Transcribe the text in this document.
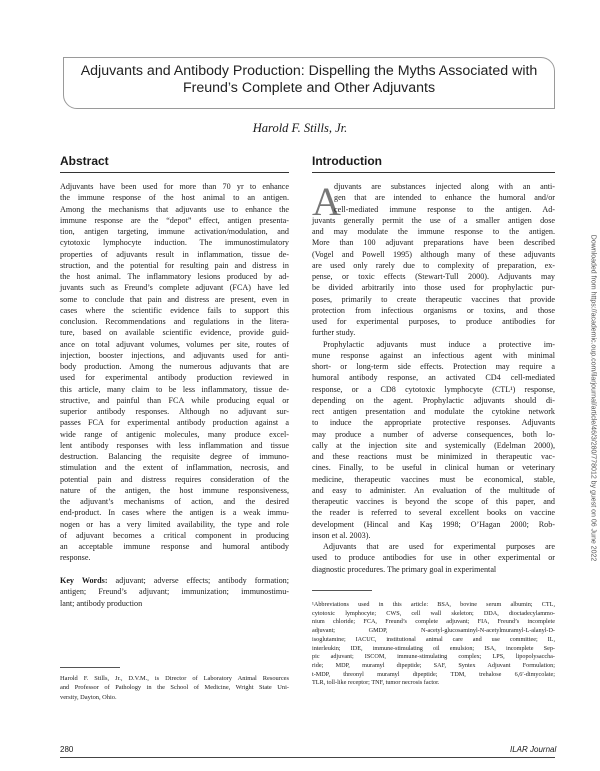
Adjuvants and Antibody Production: Dispelling the Myths Associated with
Freund’s Complete and Other Adjuvants
Harold F. Stills, Jr.
Abstract	Introduction
Adjuvants have been used for more than 70 yr to enhance
the immune response of the host animal to an antigen.
Among the mechanisms that adjuvants use to enhance the
immune response are the “depot” effect, antigen presenta-
tion, antigen targeting, immune activation/modulation, and
cytotoxic lymphocyte induction. The immunostimulatory
properties of adjuvants result in inflammation, tissue de-
struction, and the potential for resulting pain and distress in
the host animal. The inflammatory lesions produced by ad-
juvants such as Freund’s complete adjuvant (FCA) have led
some to conclude that pain and distress are present, even in
cases where the scientific evidence fails to support this
conclusion. Recommendations and regulations in the litera-
ture, based on available scientific evidence, provide guid-
ance on total adjuvant volumes, volumes per site, routes of
injection, booster injections, and adjuvants used for anti-
body production. Among the numerous adjuvants that are
used for experimental antibody production reviewed in
this article, many claim to be less inflammatory, tissue de-
structive, and painful than FCA while producing equal or
superior antibody responses. Although no adjuvant sur-
passes FCA for experimental antibody production against a
wide range of antigenic molecules, many produce excel-
lent antibody responses with less inflammation and tissue
destruction. Balancing the requisite degree of immuno-
stimulation and the extent of inflammation, necrosis, and
potential pain and distress requires consideration of the
nature of the antigen, the host immune responsiveness,
the adjuvant’s mechanisms of action, and the desired
end-product. In cases where the antigen is a weak immu-
nogen or has a very limited availability, the type and role
of adjuvant becomes a critical component in producing
an acceptable immune response and humoral antibody
response.
Key Words: adjuvant; adverse effects; antibody formation;
antigen; Freund’s adjuvant; immunization; immunostimu-
lant; antibody production
Harold F. Stills, Jr., D.V.M., is Director of Laboratory Animal Resources
and Professor of Pathology in the School of Medicine, Wright State Uni-
versity, Dayton, Ohio.
A
djuvants are substances injected along with an anti-
gen that are intended to enhance the humoral and/or
cell-mediated immune response to the antigen. Ad-
juvants generally permit the use of a smaller antigen dose
and may modulate the immune response to the antigen.
More than 100 adjuvant preparations have been described
(Vogel and Powell 1995) although many of these adjuvants
are used only rarely due to complexity of preparation, ex-
pense, or toxic effects (Stewart-Tull 2000). Adjuvants may
be divided arbitrarily into those used for prophylactic pur-
poses, primarily to create therapeutic vaccines that provide
protection from infectious organisms or toxins, and those
used for experimental purposes, to produce antibodies for
further study.
Prophylactic adjuvants must induce a protective im-
mune response against an infectious agent with minimal
short- or long-term side effects. Protection may require a
humoral antibody response, an activated CD4 cell-mediated
response, or a CD8 cytotoxic lymphocyte (CTL¹) response,
depending on the agent. Prophylactic adjuvants should di-
rect antigen presentation and modulate the cytokine network
to induce the appropriate protective responses. Adjuvants
may produce a number of adverse consequences, both lo-
cally at the injection site and systemically (Edelman 2000),
and these reactions must be minimized in therapeutic vac-
cines. Finally, to be useful in clinical human or veterinary
medicine, therapeutic vaccines must be economical, stable,
and easy to administer. An evaluation of the multitude of
therapeutic vaccines is beyond the scope of this paper, and
the reader is referred to several excellent books on vaccine
development (Hincal and Kaş 1998; O’Hagan 2000; Rob-
inson et al. 2003).
Adjuvants that are used for experimental purposes are
used to produce antibodies for use in other experimental or
diagnostic procedures. The primary goal in experimental
¹Abbreviations used in this article: BSA, bovine serum albumin; CTL,
cytotoxic lymphocyte; CWS, cell wall skeleton; DDA, dioctadecylammo-
nium chloride; FCA, Freund’s complete adjuvant; FIA, Freund’s incomplete
adjuvant; GMDP, N-acetyl-glucosaminyl-N-acetylmuramyl-L-alanyl-D-
isoglutamine; IACUC, institutional animal care and use committee; IL,
interleukin; IDE, immune-stimulating oil emulsion; ISA, incomplete Sep-
pic adjuvant; ISCOM, immune-stimulating complex; LPS, lipopolysaccha-
ride; MDP, muramyl dipeptide; SAF, Syntex Adjuvant Formulation;
t-MDP, threonyl muramyl dipeptide; TDM, trehalose 6,6′-dimycolate;
TLR, toll-like receptor; TNF, tumor necrosis factor.
Downloaded from https://academic.oup.com/ilarjournal/article/46/3/280/778012 by guest on 06 June 2022
280	ILAR Journal
